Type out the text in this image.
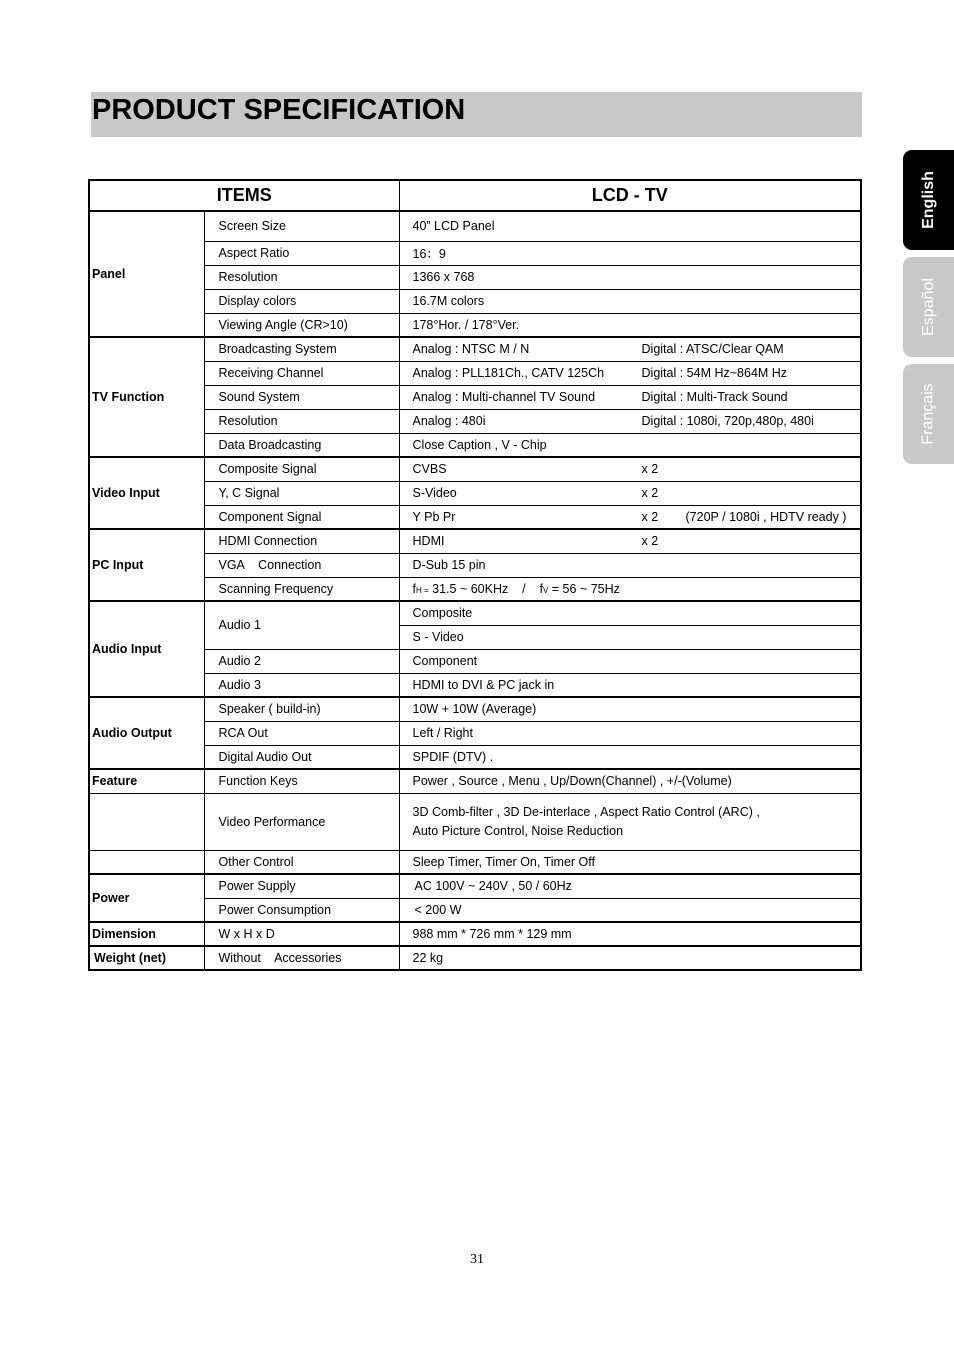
PRODUCT SPECIFICATION
English
Español
Français
ITEMS		LCD - TV
Panel	Screen Size	40” LCD Panel
	Aspect Ratio	16：9
	Resolution	1366 x 768
	Display colors	16.7M colors
	Viewing Angle (CR>10)	178°Hor. / 178°Ver.
TV Function	Broadcasting System	Analog : NTSC M / N Digital : ATSC/Clear QAM

	Receiving Channel	Analog : PLL181Ch., CATV 125Ch Digital : 54M Hz~864M Hz

	Sound System	Analog : Multi-channel TV Sound Digital : Multi-Track Sound

	Resolution	Analog : 480i Digital : 1080i, 720p,480p, 480i

	Data Broadcasting	Close Caption , V - Chip

Video Input	Composite Signal	CVBS x 2

	Y, C Signal	S-Video x 2

	Component Signal	Y Pb Pr x 2 (720P / 1080i , HDTV ready )

PC Input	HDMI Connection	HDMI x 2

	VGA    Connection	D-Sub 15 pin
	Scanning Frequency	fH = 31.5 ~ 60KHz    /    fV = 56 ~ 75Hz
Audio Input	Audio 1	Composite
		S - Video
	Audio 2	Component
	Audio 3	HDMI to DVI & PC jack in
Audio Output	Speaker ( build-in)	10W + 10W (Average)
	RCA Out	Left / Right
	Digital Audio Out	SPDIF (DTV) .
Feature	Function Keys	Power , Source , Menu , Up/Down(Channel) , +/-(Volume)
	Video Performance	3D Comb-filter , 3D De-interlace , Aspect Ratio Control (ARC) ,
Auto Picture Control, Noise Reduction

	Other Control	Sleep Timer, Timer On, Timer Off
Power	Power Supply	AC 100V ~ 240V , 50 / 60Hz
	Power Consumption	< 200 W
Dimension	W x H x D	988 mm * 726 mm * 129 mm
Weight (net)	Without    Accessories	22 kg
31
